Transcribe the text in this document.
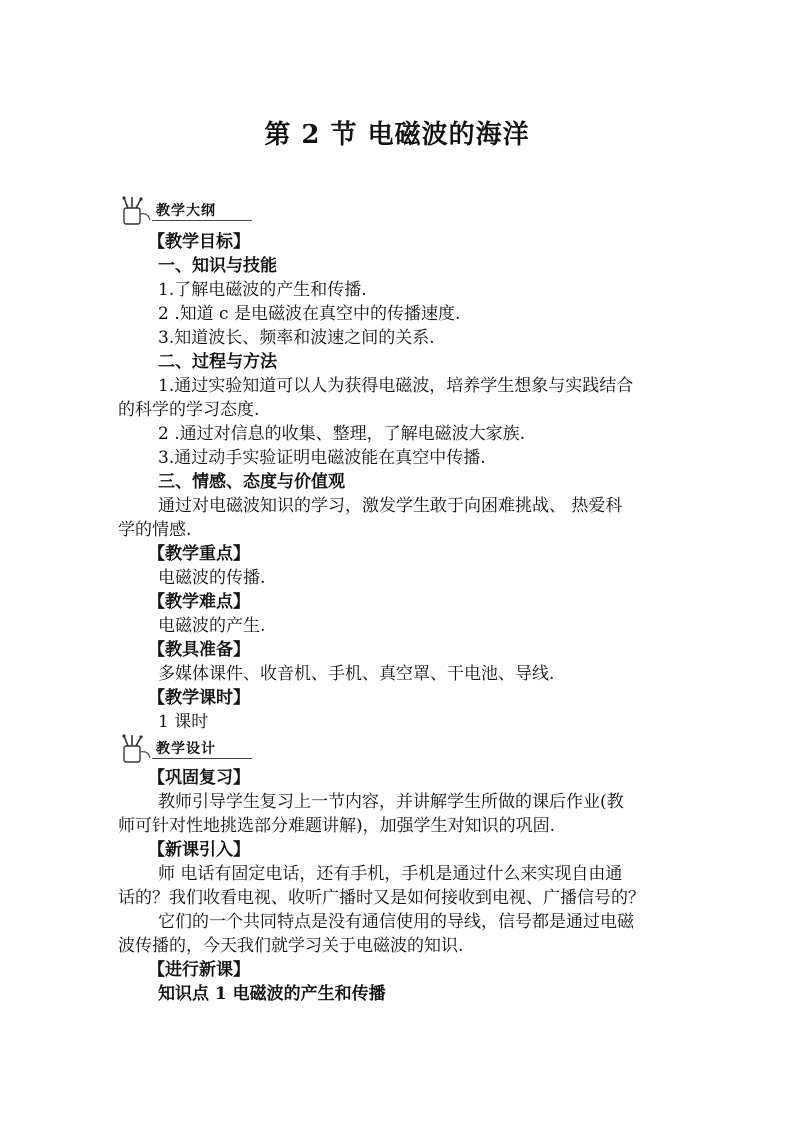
第 2 节 电磁波的海洋
教学大纲
【教学目标】
一、知识与技能
1.了解电磁波的产生和传播.
2 .知道 c 是电磁波在真空中的传播速度.
3.知道波长、频率和波速之间的关系.
二、过程与方法
1.通过实验知道可以人为获得电磁波，培养学生想象与实践结合
的科学的学习态度.
2 .通过对信息的收集、整理，了解电磁波大家族.
3.通过动手实验证明电磁波能在真空中传播.
三、情感、态度与价值观
通过对电磁波知识的学习，激发学生敢于向困难挑战、 热爱科
学的情感.
【教学重点】
电磁波的传播.
【教学难点】
电磁波的产生.
【教具准备】
多媒体课件、收音机、手机、真空罩、干电池、导线.
【教学课时】
1 课时
教学设计
【巩固复习】
教师引导学生复习上一节内容，并讲解学生所做的课后作业(教
师可针对性地挑选部分难题讲解)，加强学生对知识的巩固.
【新课引入】
师 电话有固定电话，还有手机，手机是通过什么来实现自由通
话的？我们收看电视、收听广播时又是如何接收到电视、广播信号的？
它们的一个共同特点是没有通信使用的导线，信号都是通过电磁
波传播的，今天我们就学习关于电磁波的知识.
【进行新课】
知识点 1 电磁波的产生和传播
